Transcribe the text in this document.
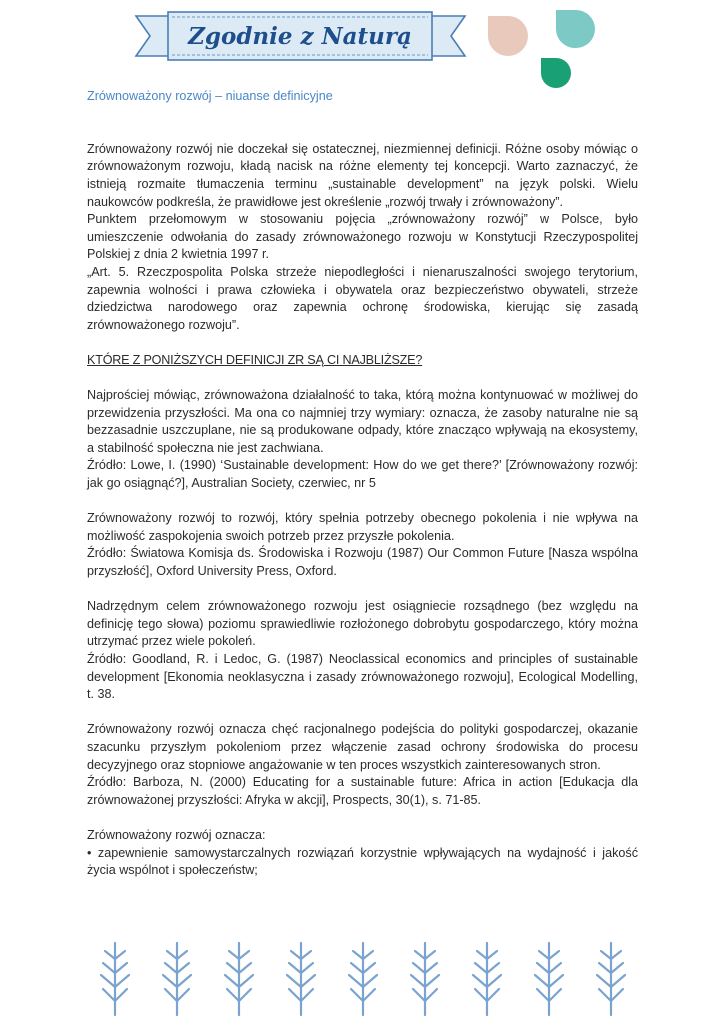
Zgodnie z Naturą

Zrównoważony rozwój – niuanse definicyjne

Zrównoważony rozwój nie doczekał się ostatecznej, niezmiennej definicji. Różne osoby mówiąc o zrównoważonym rozwoju, kładą nacisk na różne elementy tej koncepcji. Warto zaznaczyć, że istnieją rozmaite tłumaczenia terminu „sustainable development” na język polski. Wielu naukowców podkreśla, że prawidłowe jest określenie „rozwój trwały i zrównoważony”.

Punktem przełomowym w stosowaniu pojęcia „zrównoważony rozwój” w Polsce, było umieszczenie odwołania do zasady zrównoważonego rozwoju w Konstytucji Rzeczypospolitej Polskiej z dnia 2 kwietnia 1997 r.

„Art. 5. Rzeczpospolita Polska strzeże niepodległości i nienaruszalności swojego terytorium, zapewnia wolności i prawa człowieka i obywatela oraz bezpieczeństwo obywateli, strzeże dziedzictwa narodowego oraz zapewnia ochronę środowiska, kierując się zasadą zrównoważonego rozwoju”.

KTÓRE Z PONIŻSZYCH DEFINICJI ZR SĄ CI NAJBLIŻSZE?

Najprościej mówiąc, zrównoważona działalność to taka, którą można kontynuować w możliwej do przewidzenia przyszłości. Ma ona co najmniej trzy wymiary: oznacza, że zasoby naturalne nie są bezzasadnie uszczuplane, nie są produkowane odpady, które znacząco wpływają na ekosystemy, a stabilność społeczna nie jest zachwiana.

Źródło: Lowe, I. (1990) ‘Sustainable development: How do we get there?’ [Zrównoważony rozwój: jak go osiągnąć?], Australian Society, czerwiec, nr 5

Zrównoważony rozwój to rozwój, który spełnia potrzeby obecnego pokolenia i nie wpływa na możliwość zaspokojenia swoich potrzeb przez przyszłe pokolenia.

Źródło: Światowa Komisja ds. Środowiska i Rozwoju (1987) Our Common Future [Nasza wspólna przyszłość], Oxford University Press, Oxford.

Nadrzędnym celem zrównoważonego rozwoju jest osiągniecie rozsądnego (bez względu na definicję tego słowa) poziomu sprawiedliwie rozłożonego dobrobytu gospodarczego, który można utrzymać przez wiele pokoleń.

Źródło: Goodland, R. i Ledoc, G. (1987) Neoclassical economics and principles of sustainable development [Ekonomia neoklasyczna i zasady zrównoważonego rozwoju], Ecological Modelling, t. 38.

Zrównoważony rozwój oznacza chęć racjonalnego podejścia do polityki gospodarczej, okazanie szacunku przyszłym pokoleniom przez włączenie zasad ochrony środowiska do procesu decyzyjnego oraz stopniowe angażowanie w ten proces wszystkich zainteresowanych stron.

Źródło: Barboza, N. (2000) Educating for a sustainable future: Africa in action [Edukacja dla zrównoważonej przyszłości: Afryka w akcji], Prospects, 30(1), s. 71-85.

Zrównoważony rozwój oznacza:

• zapewnienie samowystarczalnych rozwiązań korzystnie wpływających na wydajność i jakość życia wspólnot i społeczeństw;
